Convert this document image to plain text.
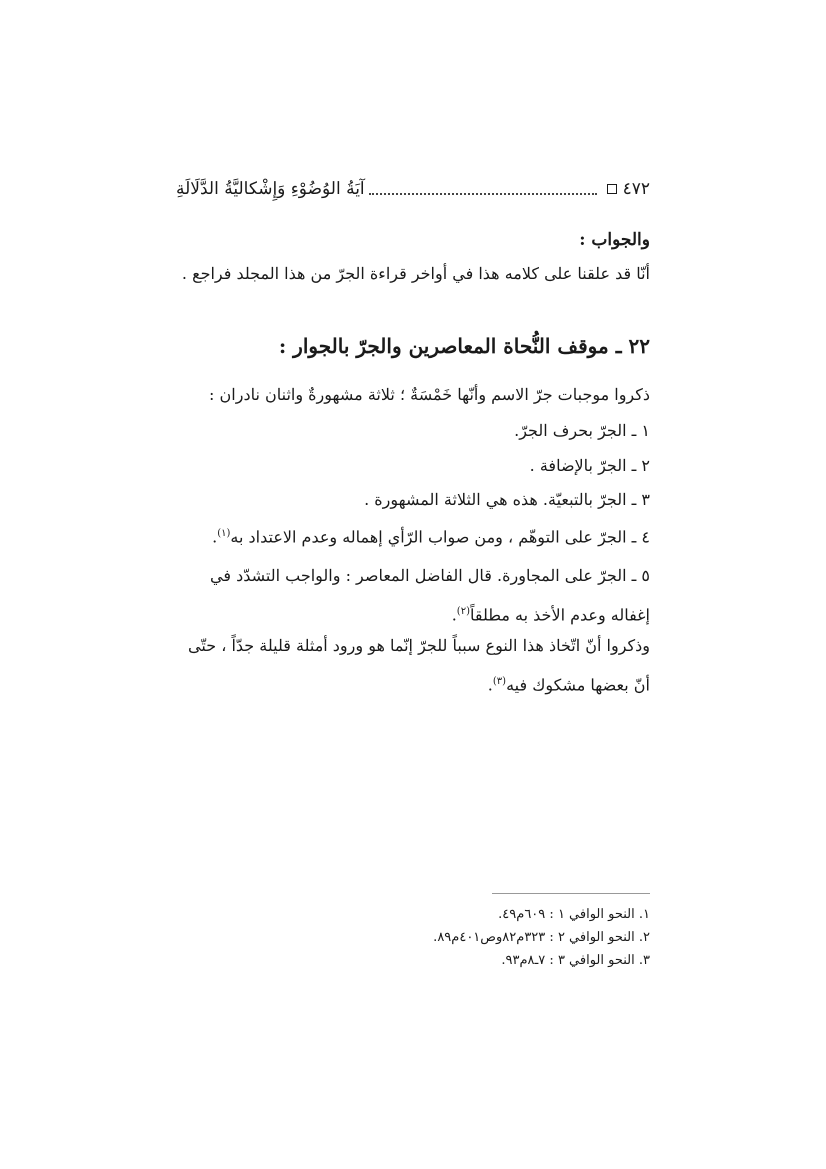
٤٧٢
آيَةُ الوُضُوْءِ وَإِشْكاليَّةُ الدَّلَالَةِ
والجواب :
أنّا قد علقنا على كلامه هذا في أواخر قراءة الجرّ من هذا المجلد فراجع .
٢٢ ـ موقف النُّحاة المعاصرين والجرّ بالجوار :
ذكروا موجبات جرّ الاسم وأنّها خَمْسَةٌ ؛ ثلاثة مشهورةٌ واثنان نادران :
١ ـ الجرّ بحرف الجرّ.
٢ ـ الجرّ بالإضافة .
٣ ـ الجرّ بالتبعيّة. هذه هي الثلاثة المشهورة .
٤ ـ الجرّ على التوهّم ، ومن صواب الرّأي إهماله وعدم الاعتداد به$^{(١)}$.
٥ ـ الجرّ على المجاورة. قال الفاضل المعاصر : والواجب التشدّد في إغفاله وعدم الأخذ به مطلقاً$^{(٢)}$.
وذكروا أنّ اتّخاذ هذا النوع سبباً للجرّ إنّما هو ورود أمثلة قليلة جدّاً ، حتّى أنّ بعضها مشكوك فيه$^{(٣)}$.
١. النحو الوافي ١ : ٦٠٩م٤٩.
٢. النحو الوافي ٢ : ٣٢٣م٨٢وص٤٠١م٨٩.
٣. النحو الوافي ٣ : ٧ـ٨م٩٣.
